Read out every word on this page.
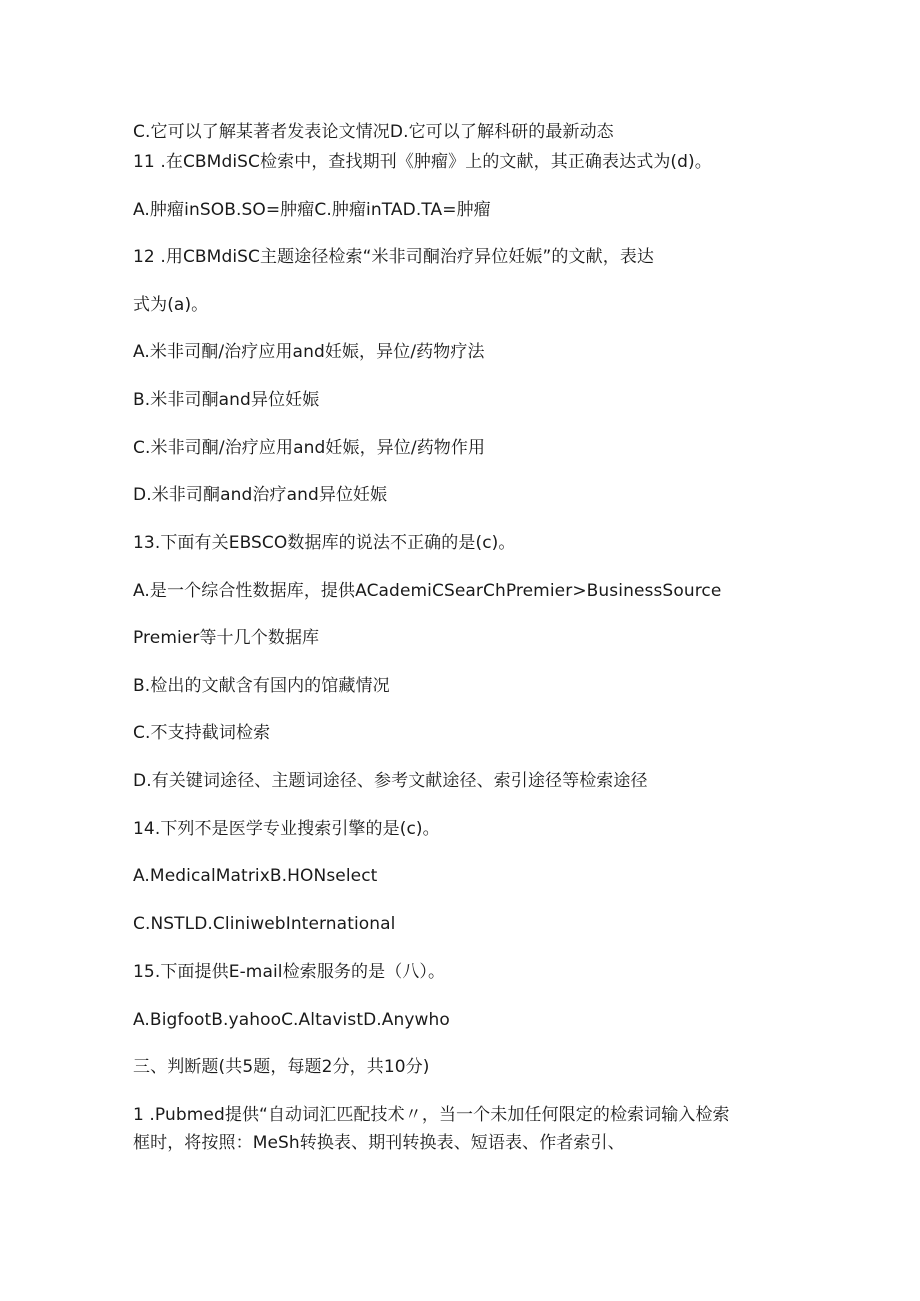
C.它可以了解某著者发表论文情况D.它可以了解科研的最新动态
11 .在CBMdiSC检索中，查找期刊《肿瘤》上的文献，其正确表达式为(d)。
A.肿瘤inSOB.SO=肿瘤C.肿瘤inTAD.TA=肿瘤
12 .用CBMdiSC主题途径检索“米非司酮治疗异位妊娠”的文献，表达
式为(a)。
A.米非司酮/治疗应用and妊娠，异位/药物疗法
B.米非司酮and异位妊娠
C.米非司酮/治疗应用and妊娠，异位/药物作用
D.米非司酮and治疗and异位妊娠
13.下面有关EBSCO数据库的说法不正确的是(c)。
A.是一个综合性数据库，提供ACademiCSearChPremier>BusinessSource
Premier等十几个数据库
B.检出的文献含有国内的馆藏情况
C.不支持截词检索
D.有关键词途径、主题词途径、参考文献途径、索引途径等检索途径
14.下列不是医学专业搜索引擎的是(c)。
A.MedicalMatrixB.HONselect
C.NSTLD.CliniwebInternational
15.下面提供E-mail检索服务的是（八）。
A.BigfootB.yahooC.AltavistD.Anywho
三、判断题(共5题，每题2分，共10分)
1 .Pubmed提供“自动词汇匹配技术〃，当一个未加任何限定的检索词输入检索
框时，将按照：MeSh转换表、期刊转换表、短语表、作者索引、
